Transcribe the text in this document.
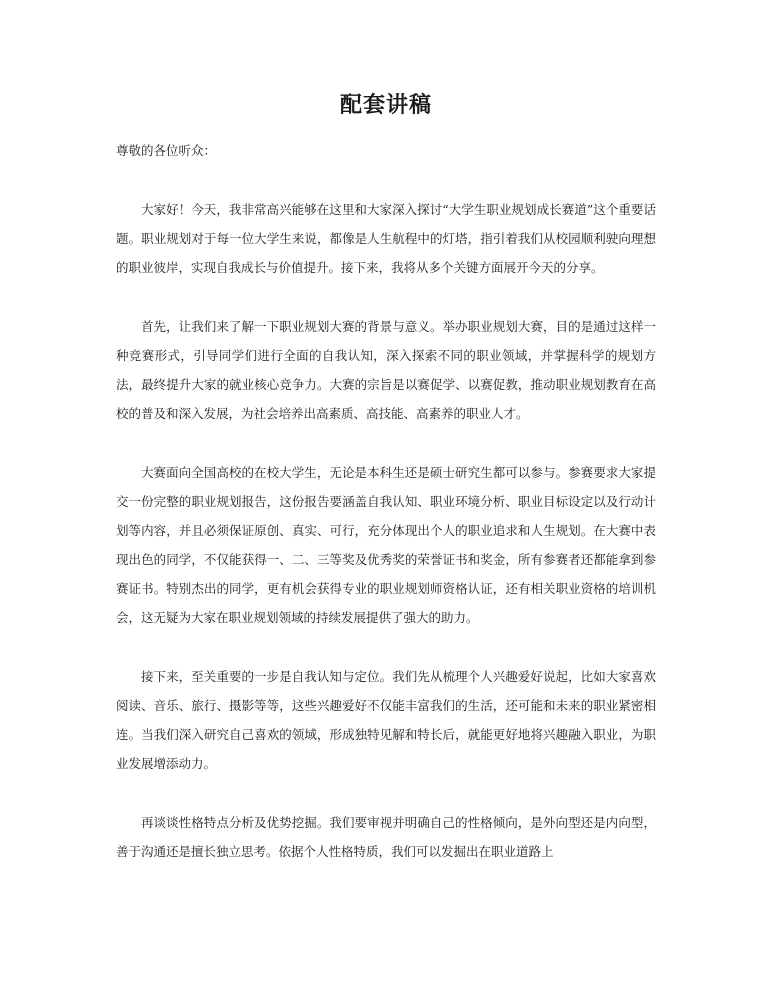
配套讲稿

尊敬的各位听众：

大家好！今天，我非常高兴能够在这里和大家深入探讨“大学生职业规划成长赛道”这个重要话题。职业规划对于每一位大学生来说，都像是人生航程中的灯塔，指引着我们从校园顺利驶向理想的职业彼岸，实现自我成长与价值提升。接下来，我将从多个关键方面展开今天的分享。

首先，让我们来了解一下职业规划大赛的背景与意义。举办职业规划大赛，目的是通过这样一种竞赛形式，引导同学们进行全面的自我认知，深入探索不同的职业领域，并掌握科学的规划方法，最终提升大家的就业核心竞争力。大赛的宗旨是以赛促学、以赛促教，推动职业规划教育在高校的普及和深入发展，为社会培养出高素质、高技能、高素养的职业人才。

大赛面向全国高校的在校大学生，无论是本科生还是硕士研究生都可以参与。参赛要求大家提交一份完整的职业规划报告，这份报告要涵盖自我认知、职业环境分析、职业目标设定以及行动计划等内容，并且必须保证原创、真实、可行，充分体现出个人的职业追求和人生规划。在大赛中表现出色的同学，不仅能获得一、二、三等奖及优秀奖的荣誉证书和奖金，所有参赛者还都能拿到参赛证书。特别杰出的同学，更有机会获得专业的职业规划师资格认证，还有相关职业资格的培训机会，这无疑为大家在职业规划领域的持续发展提供了强大的助力。

接下来，至关重要的一步是自我认知与定位。我们先从梳理个人兴趣爱好说起，比如大家喜欢阅读、音乐、旅行、摄影等等，这些兴趣爱好不仅能丰富我们的生活，还可能和未来的职业紧密相连。当我们深入研究自己喜欢的领域，形成独特见解和特长后，就能更好地将兴趣融入职业，为职业发展增添动力。

再谈谈性格特点分析及优势挖掘。我们要审视并明确自己的性格倾向，是外向型还是内向型，善于沟通还是擅长独立思考。依据个人性格特质，我们可以发掘出在职业道路上
